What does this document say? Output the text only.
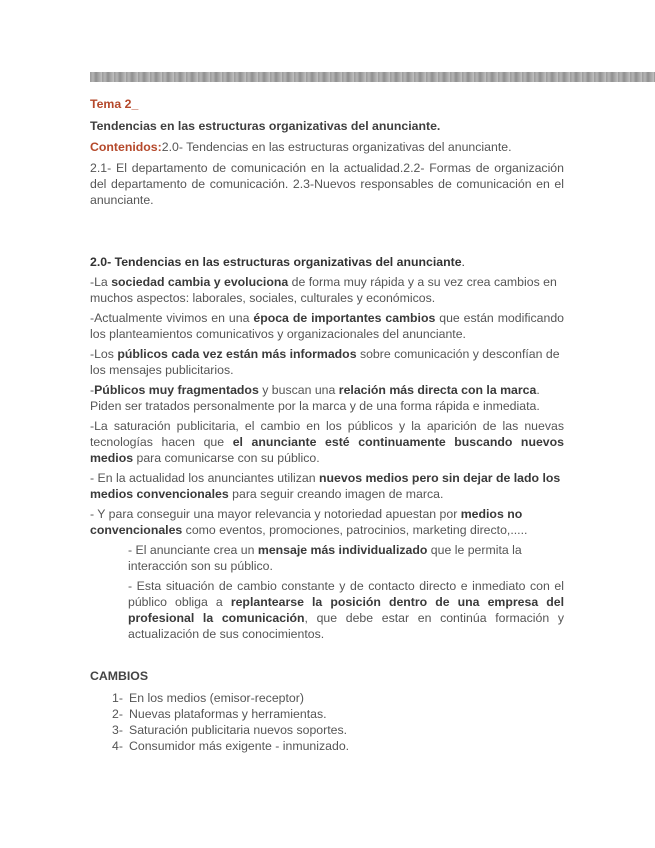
Tema 2_

Tendencias en las estructuras organizativas del anunciante.

Contenidos:2.0- Tendencias en las estructuras organizativas del anunciante.

2.1- El departamento de comunicación en la actualidad.2.2- Formas de organización del departamento de comunicación. 2.3-Nuevos responsables de comunicación en el anunciante.

2.0- Tendencias en las estructuras organizativas del anunciante.

-La sociedad cambia y evoluciona de forma muy rápida y a su vez crea cambios en muchos aspectos: laborales, sociales, culturales y económicos.

-Actualmente vivimos en una época de importantes cambios que están modificando los planteamientos comunicativos y organizacionales del anunciante.

-Los públicos cada vez están más informados sobre comunicación y desconfían de los mensajes publicitarios.

-Públicos muy fragmentados y buscan una relación más directa con la marca. Piden ser tratados personalmente por la marca y de una forma rápida e inmediata.

-La saturación publicitaria, el cambio en los públicos y la aparición de las nuevas tecnologías hacen que el anunciante esté continuamente buscando nuevos medios para comunicarse con su público.

- En la actualidad los anunciantes utilizan nuevos medios pero sin dejar de lado los medios convencionales para seguir creando imagen de marca.

- Y para conseguir una mayor relevancia y notoriedad apuestan por medios no convencionales como eventos, promociones, patrocinios, marketing directo,.....

- El anunciante crea un mensaje más individualizado que le permita la interacción son su público.

- Esta situación de cambio constante y de contacto directo e inmediato con el público obliga a replantearse la posición dentro de una empresa del profesional la comunicación, que debe estar en continúa formación y actualización de sus conocimientos.

CAMBIOS

1- En los medios (emisor-receptor)
2- Nuevas plataformas y herramientas.
3- Saturación publicitaria nuevos soportes.
4- Consumidor más exigente - inmunizado.
